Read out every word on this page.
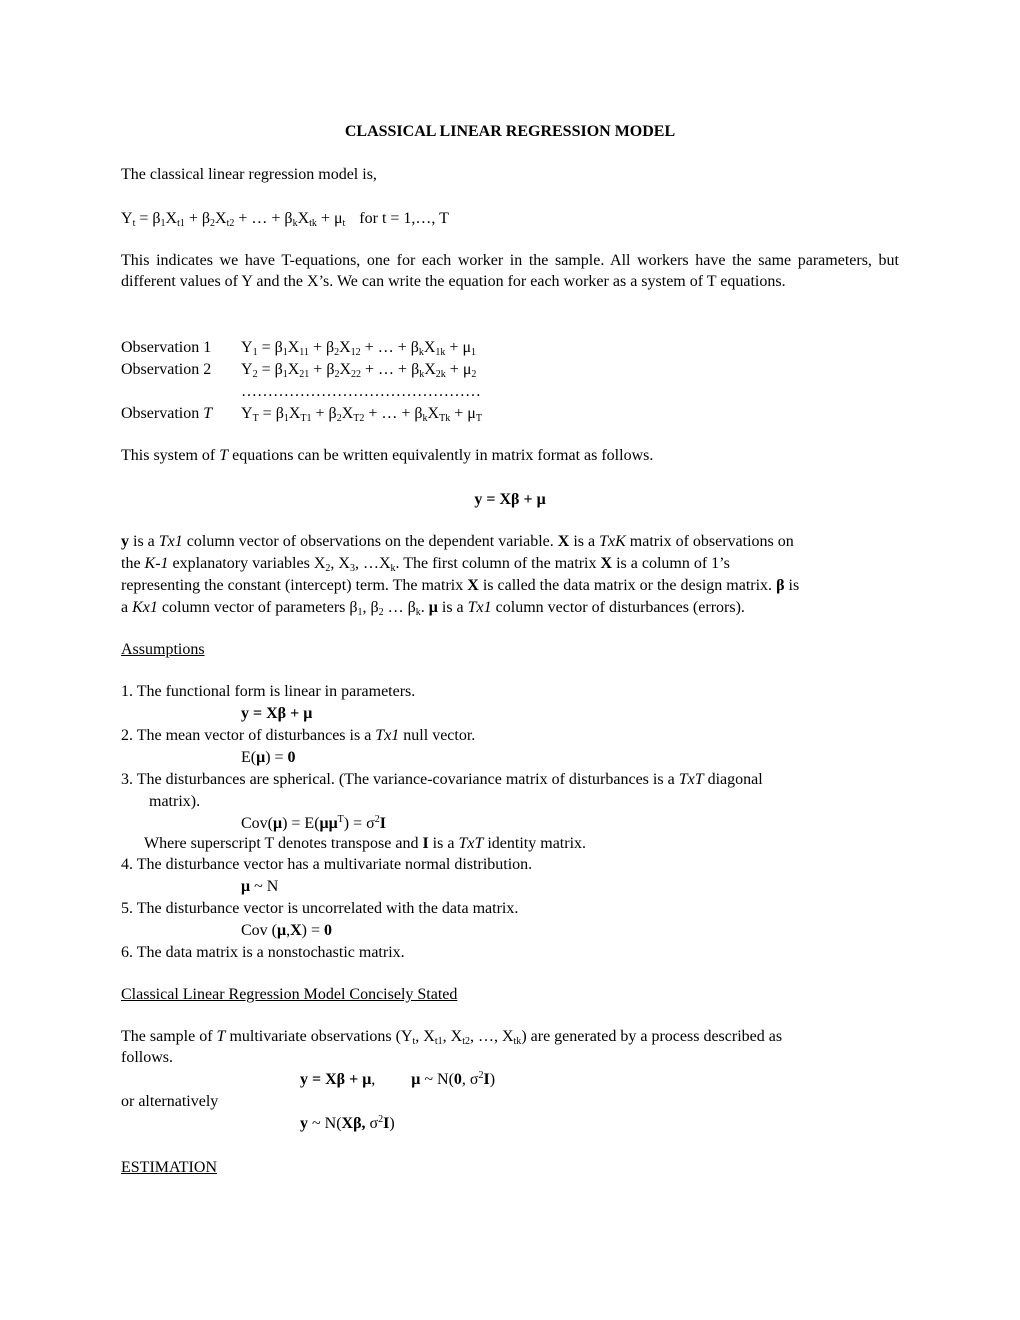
CLASSICAL LINEAR REGRESSION MODEL
The classical linear regression model is,
$Y_t = \beta_1X_{t1} + \beta_2X_{t2}$ + … + $\beta_kX_{tk} + \mu_t$ for t = 1,…, T
This indicates we have T-equations, one for each worker in the sample. All workers have the same parameters, but different values of Y and the X’s. We can write the equation for each worker as a system of T equations.
Observation 1 $Y_1 = \beta_1X_{11} + \beta_2X_{12}$ + … + $\beta_kX_{1k} + \mu_1$
Observation 2 $Y_2 = \beta_1X_{21} + \beta_2X_{22}$ + … + $\beta_kX_{2k} + \mu_2$
………………………………………
Observation T $Y_T = \beta_1X_{T1} + \beta_2X_{T2}$ + … + $\beta_kX_{Tk} + \mu_T$
This system of T equations can be written equivalently in matrix format as follows.
y = Xβ + μ
y is a Tx1 column vector of observations on the dependent variable. X is a TxK matrix of observations on
the K-1 explanatory variables $X_2$, $X_3$, $\dots X_k$. The first column of the matrix X is a column of 1’s
representing the constant (intercept) term. The matrix X is called the data matrix or the design matrix. β is
a Kx1 column vector of parameters $\beta_1$, $\beta_2$ … $\beta_k$. μ is a Tx1 column vector of disturbances (errors).
Assumptions
1. The functional form is linear in parameters.
y = Xβ + μ
2. The mean vector of disturbances is a Tx1 null vector.
E(μ) = 0
3. The disturbances are spherical. (The variance-covariance matrix of disturbances is a TxT diagonal
matrix).
$Cov(\mu) = E(\mu\mu^T) = \sigma^2I$
Where superscript T denotes transpose and I is a TxT identity matrix.
4. The disturbance vector has a multivariate normal distribution.
μ ~ N
5. The disturbance vector is uncorrelated with the data matrix.
Cov (μ,X) = 0
6. The data matrix is a nonstochastic matrix.
Classical Linear Regression Model Concisely Stated
The sample of T multivariate observations ($Y_t$, $X_{t1}$, $X_{t2}$, …, $X_{tk}$) are generated by a process described as
follows.
y = Xβ + μ, μ ~ N(0, $\sigma^2I$)
or alternatively
y ~ N(Xβ, $\sigma^2I$)
ESTIMATION
